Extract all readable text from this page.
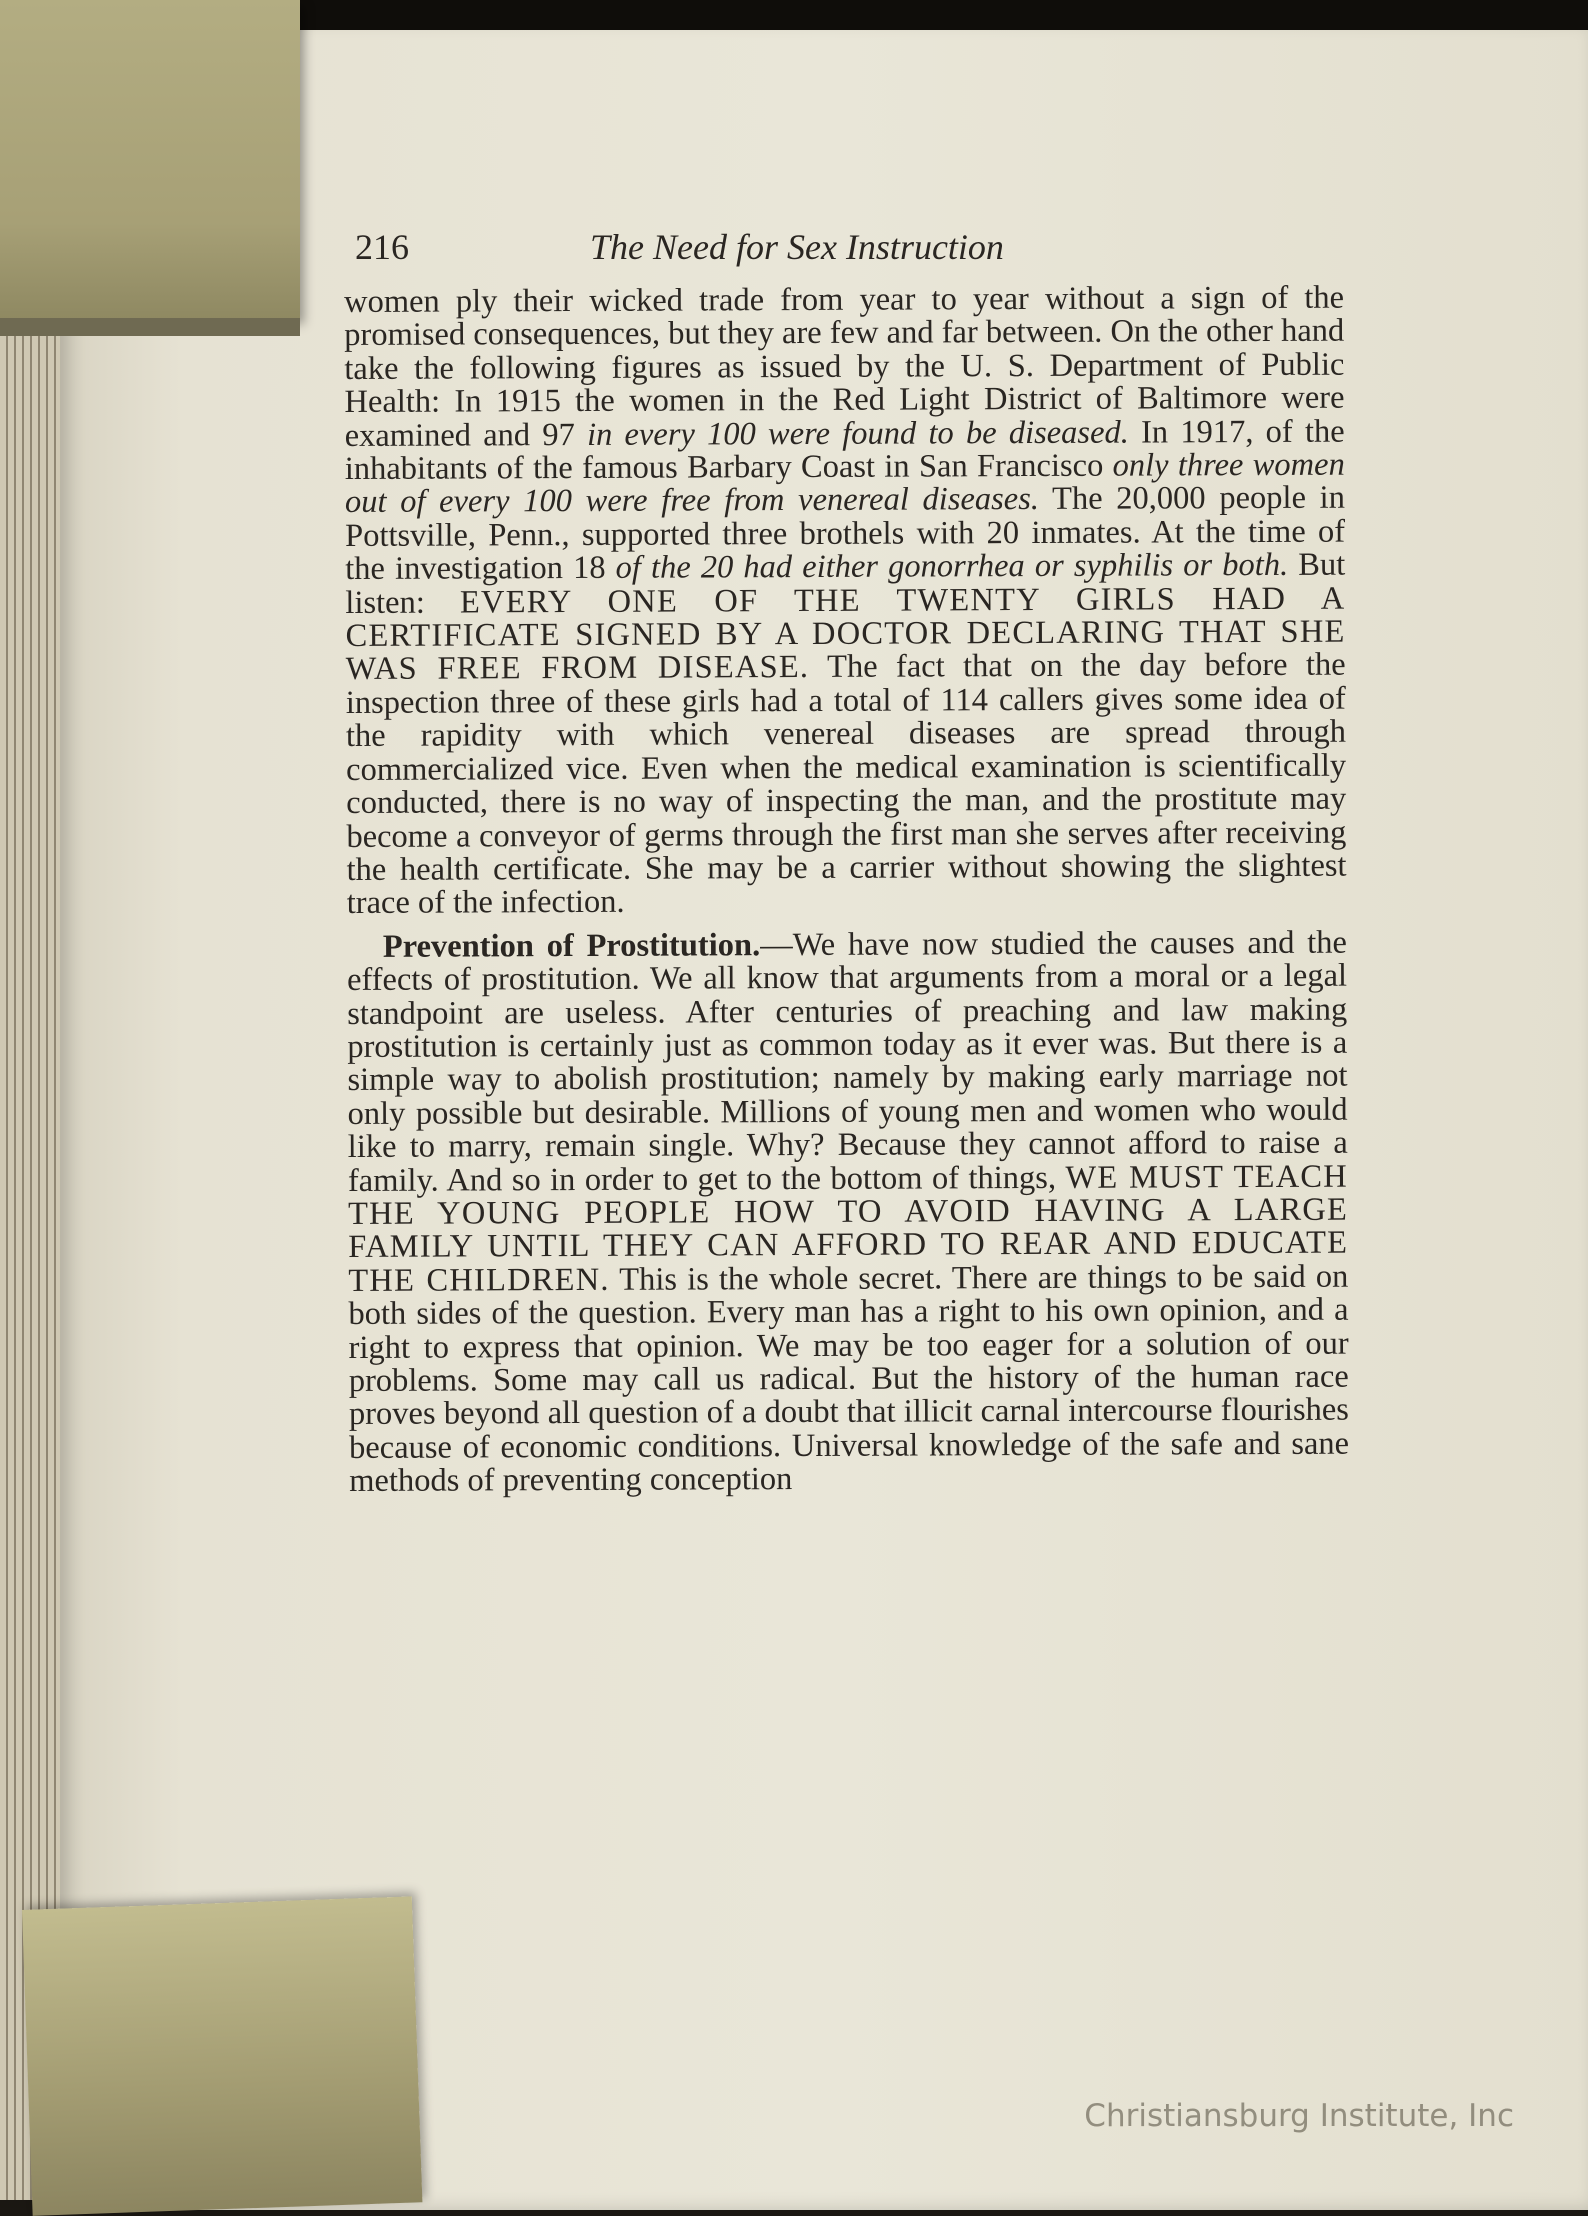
216	The Need for Sex Instruction

women ply their wicked trade from year to year without a sign of the promised consequences, but they are few and far between. On the other hand take the following figures as issued by the U. S. Department of Public Health: In 1915 the women in the Red Light District of Baltimore were examined and 97 in every 100 were found to be diseased. In 1917, of the inhabitants of the famous Barbary Coast in San Francisco only three women out of every 100 were free from venereal diseases. The 20,000 people in Pottsville, Penn., supported three brothels with 20 inmates. At the time of the investigation 18 of the 20 had either gonorrhea or syphilis or both. But listen: EVERY ONE OF THE TWENTY GIRLS HAD A CERTIFICATE SIGNED BY A DOCTOR DECLARING THAT SHE WAS FREE FROM DISEASE. The fact that on the day before the inspection three of these girls had a total of 114 callers gives some idea of the rapidity with which venereal diseases are spread through commercialized vice. Even when the medical examination is scientifically conducted, there is no way of inspecting the man, and the prostitute may become a conveyor of germs through the first man she serves after receiving the health certificate. She may be a carrier without showing the slightest trace of the infection.

Prevention of Prostitution.—We have now studied the causes and the effects of prostitution. We all know that arguments from a moral or a legal standpoint are useless. After centuries of preaching and law making prostitution is certainly just as common today as it ever was. But there is a simple way to abolish prostitution; namely by making early marriage not only possible but desirable. Millions of young men and women who would like to marry, remain single. Why? Because they cannot afford to raise a family. And so in order to get to the bottom of things, WE MUST TEACH THE YOUNG PEOPLE HOW TO AVOID HAVING A LARGE FAMILY UNTIL THEY CAN AFFORD TO REAR AND EDUCATE THE CHILDREN. This is the whole secret. There are things to be said on both sides of the question. Every man has a right to his own opinion, and a right to express that opinion. We may be too eager for a solution of our problems. Some may call us radical. But the history of the human race proves beyond all question of a doubt that illicit carnal intercourse flourishes because of economic conditions. Universal knowledge of the safe and sane methods of preventing conception

Christiansburg Institute, Inc
